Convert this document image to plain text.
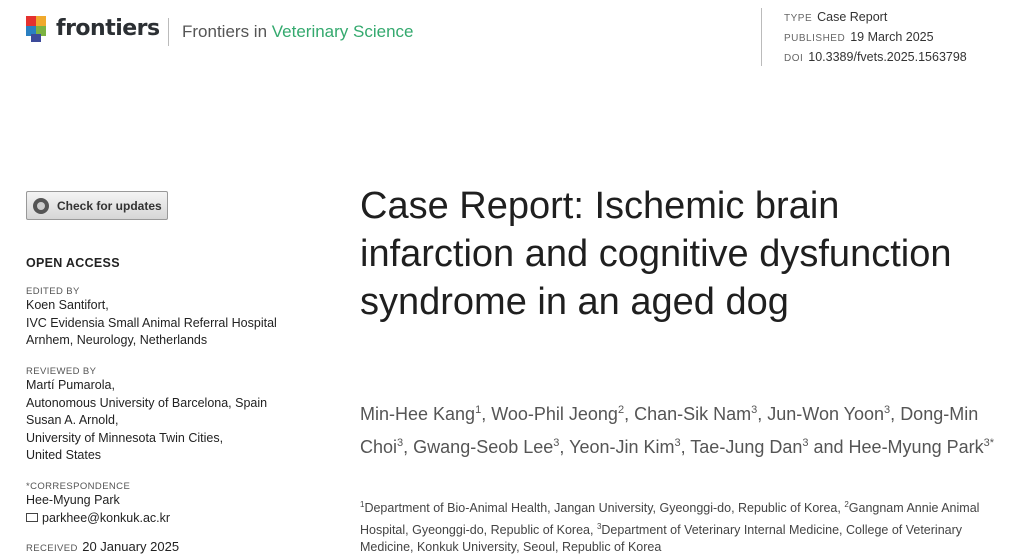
frontiers Frontiers in Veterinary Science
TYPE Case Report
PUBLISHED 19 March 2025
DOI 10.3389/fvets.2025.1563798
Check for updates
OPEN ACCESS

EDITED BY

Koen Santifort,

IVC Evidensia Small Animal Referral Hospital

Arnhem, Neurology, Netherlands

REVIEWED BY

Martí Pumarola,

Autonomous University of Barcelona, Spain

Susan A. Arnold,

University of Minnesota Twin Cities,

United States

*CORRESPONDENCE

Hee-Myung Park

parkhee@konkuk.ac.kr

RECEIVED 20 January 2025
Case Report: Ischemic brain infarction and cognitive dysfunction syndrome in an aged dog

Min-Hee Kang$^1$, Woo-Phil Jeong$^2$, Chan-Sik Nam$^3$, Jun-Won Yoon$^3$, Dong-Min Choi$^3$, Gwang-Seob Lee$^3$, Yeon-Jin Kim$^3$, Tae-Jung Dan$^3$ and Hee-Myung Park$^{3*}$

$^1$Department of Bio-Animal Health, Jangan University, Gyeonggi-do, Republic of Korea, $^2$Gangnam Annie Animal Hospital, Gyeonggi-do, Republic of Korea, $^3$Department of Veterinary Internal Medicine, College of Veterinary Medicine, Konkuk University, Seoul, Republic of Korea
